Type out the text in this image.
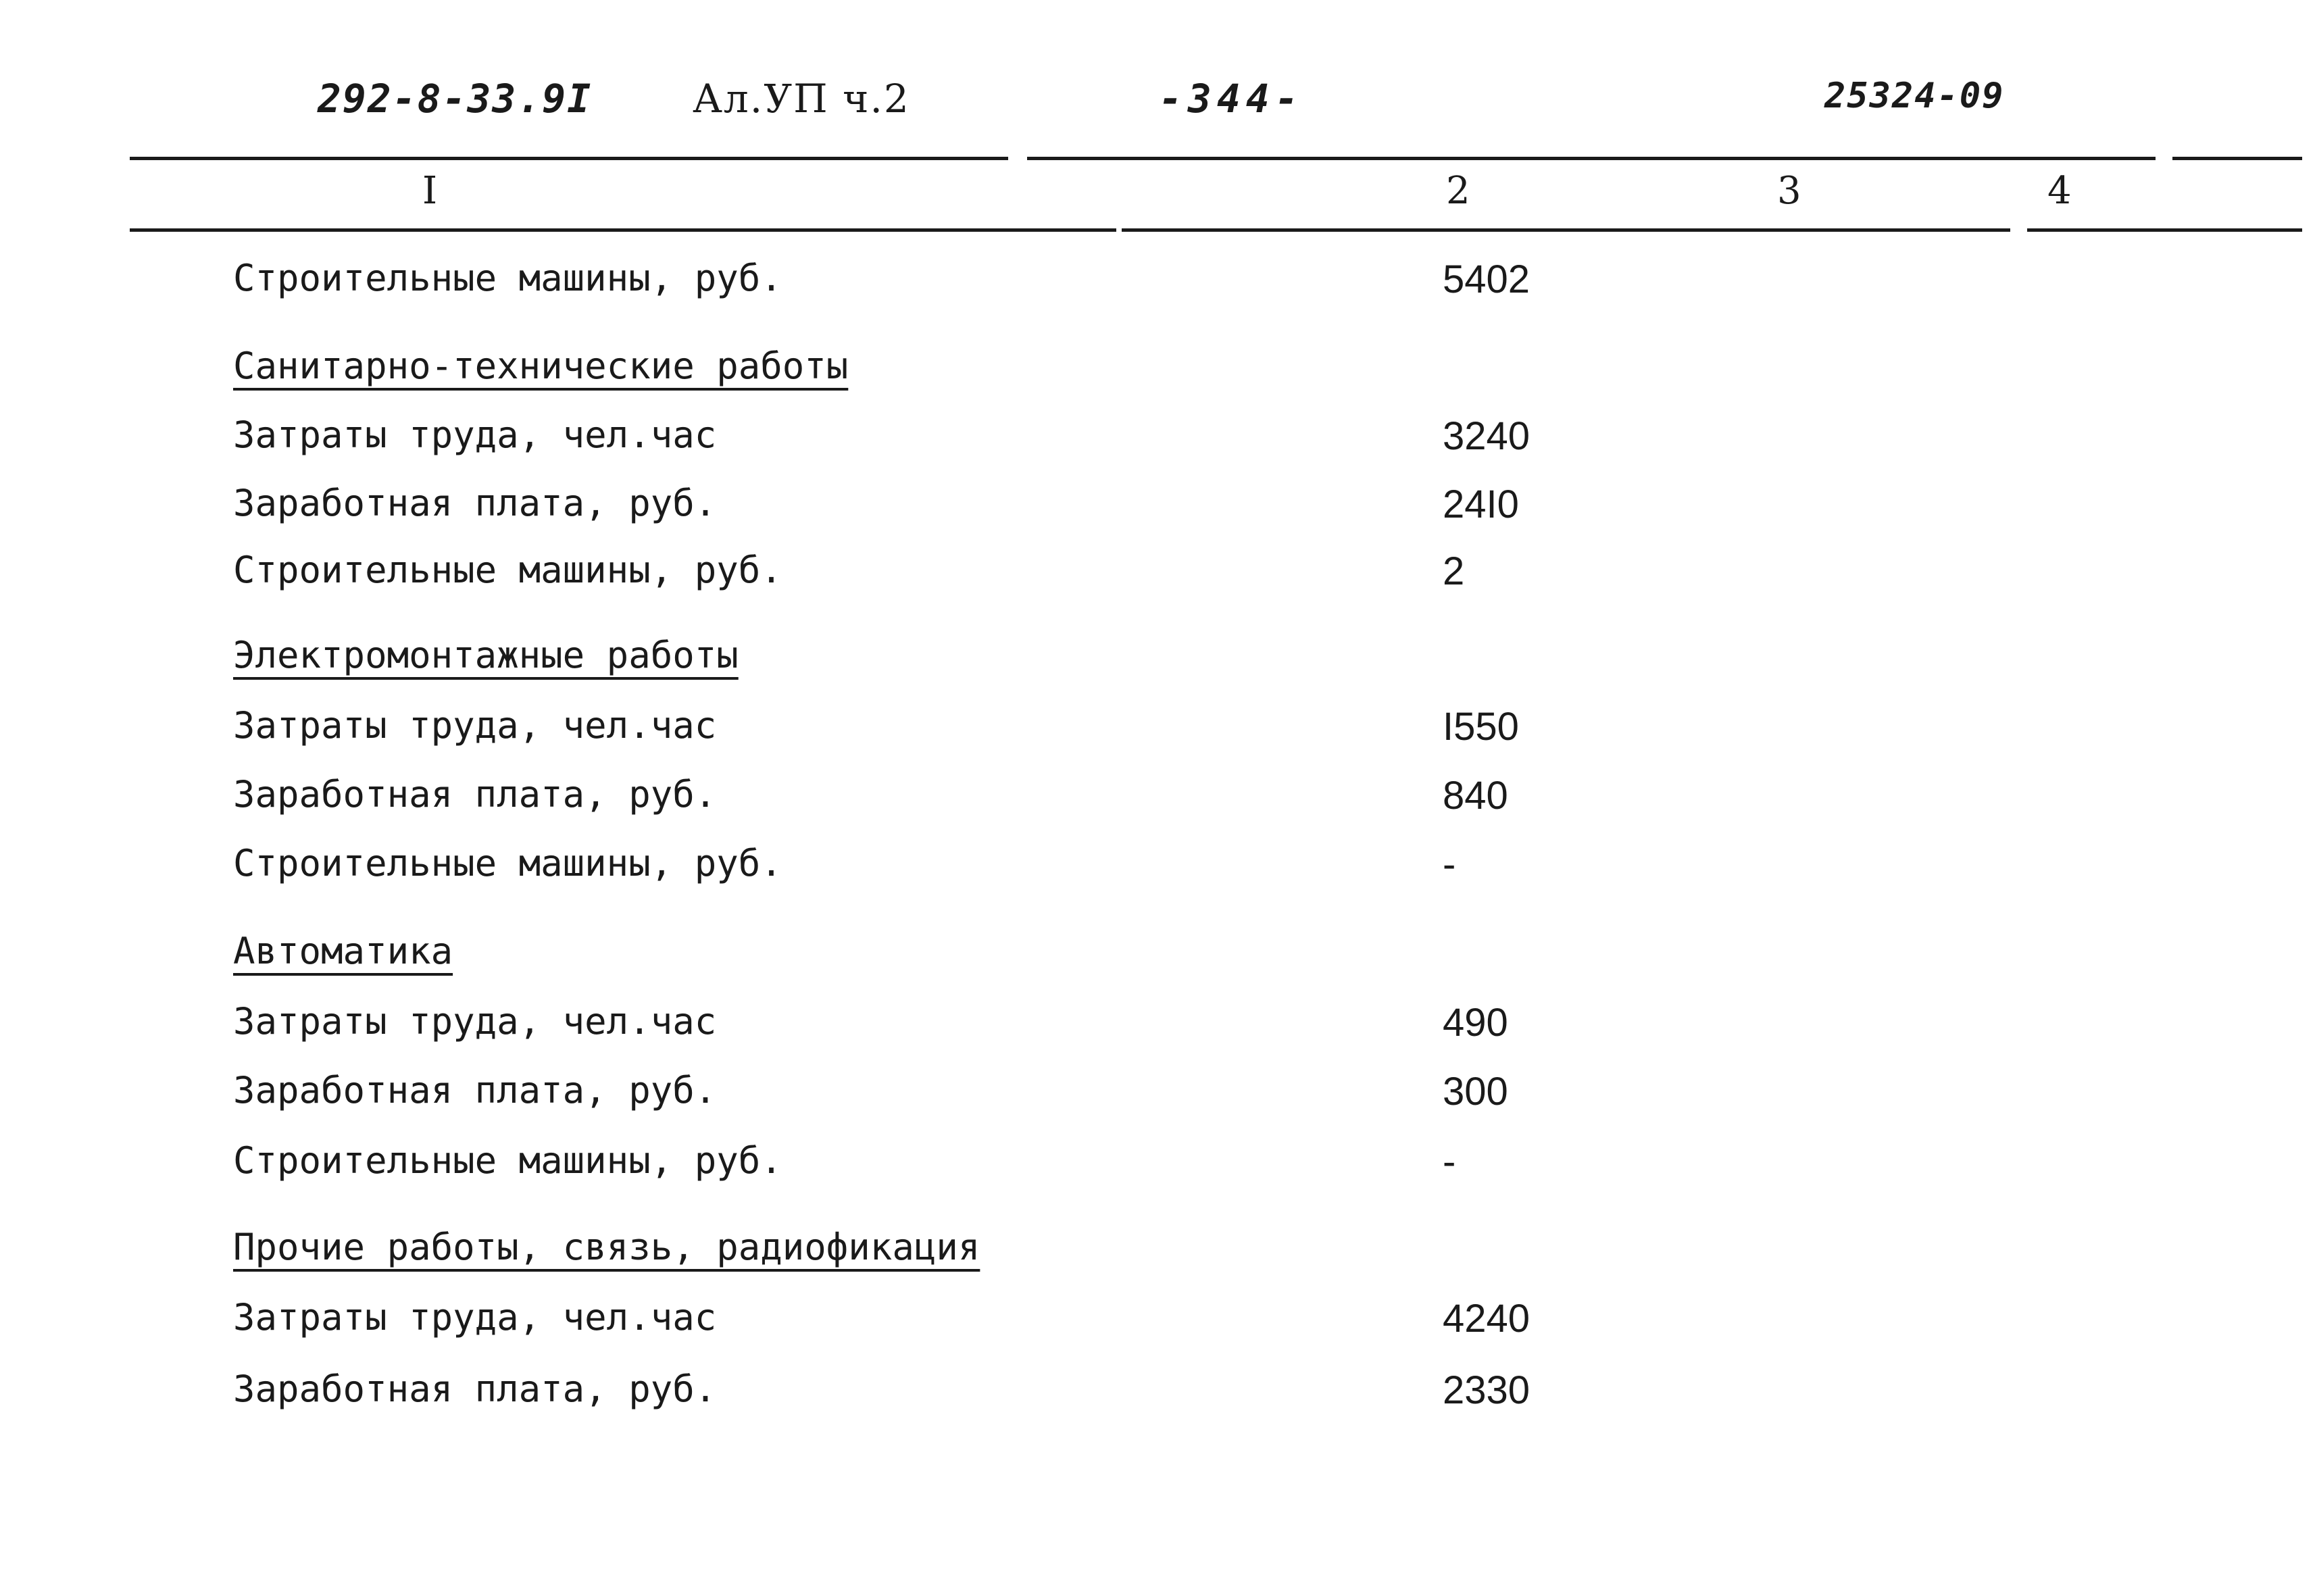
292-8-33.9I	Ал.УП ч.2	-344-	25324-09
I	2	3	4
Строительные машины, руб.	5402
Санитарно-технические работы
Затраты труда, чел.час	3240
Заработная плата, руб.	24I0
Строительные машины, руб.	2
Электромонтажные работы
Затраты труда, чел.час	I550
Заработная плата, руб.	840
Строительные машины, руб.	-
Автоматика
Затраты труда, чел.час	490
Заработная плата, руб.	300
Строительные машины, руб.	-
Прочие работы, связь, радиофикация
Затраты труда, чел.час	4240
Заработная плата, руб.	2330
